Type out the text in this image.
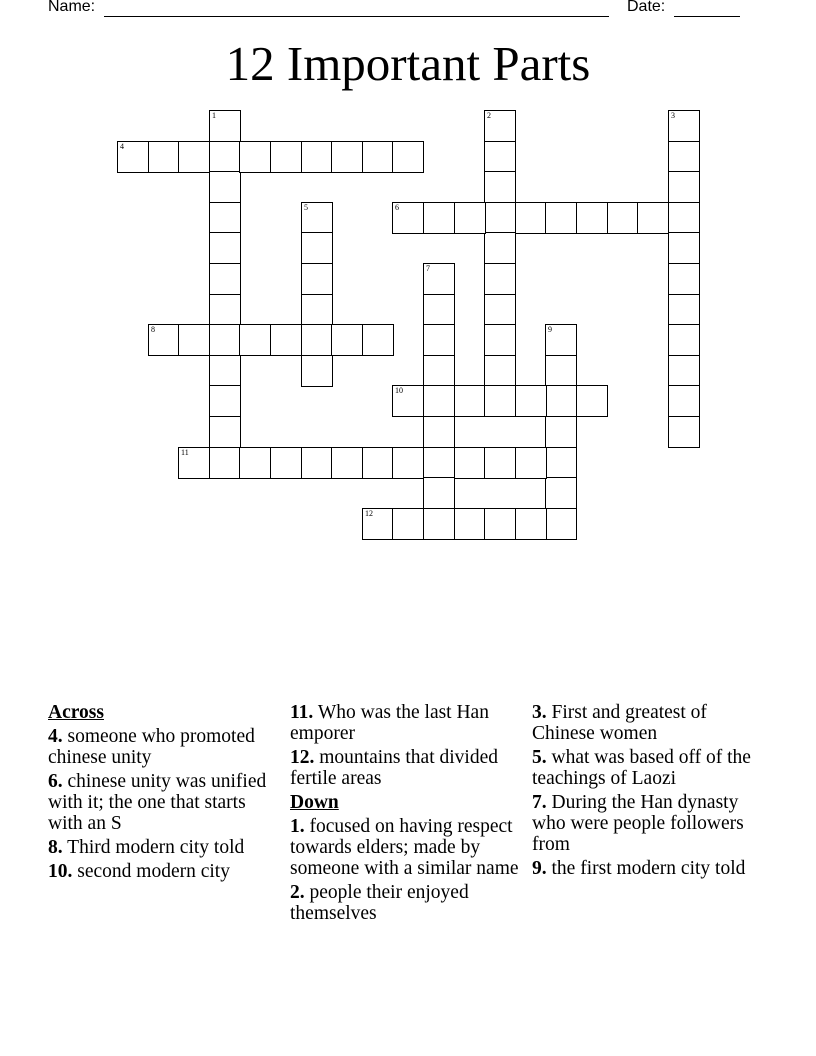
Name:	Date:
12 Important Parts
1	2	3
4
5	6
7
8	9
10
11
12
Across
4. someone who promoted chinese unity
6. chinese unity was unified with it; the one that starts with an S
8. Third modern city told
10. second modern city
11. Who was the last Han emporer
12. mountains that divided fertile areas
Down
1. focused on having respect towards elders; made by someone with a similar name
2. people their enjoyed themselves
3. First and greatest of Chinese women
5. what was based off of the teachings of Laozi
7. During the Han dynasty who were people followers from
9. the first modern city told
